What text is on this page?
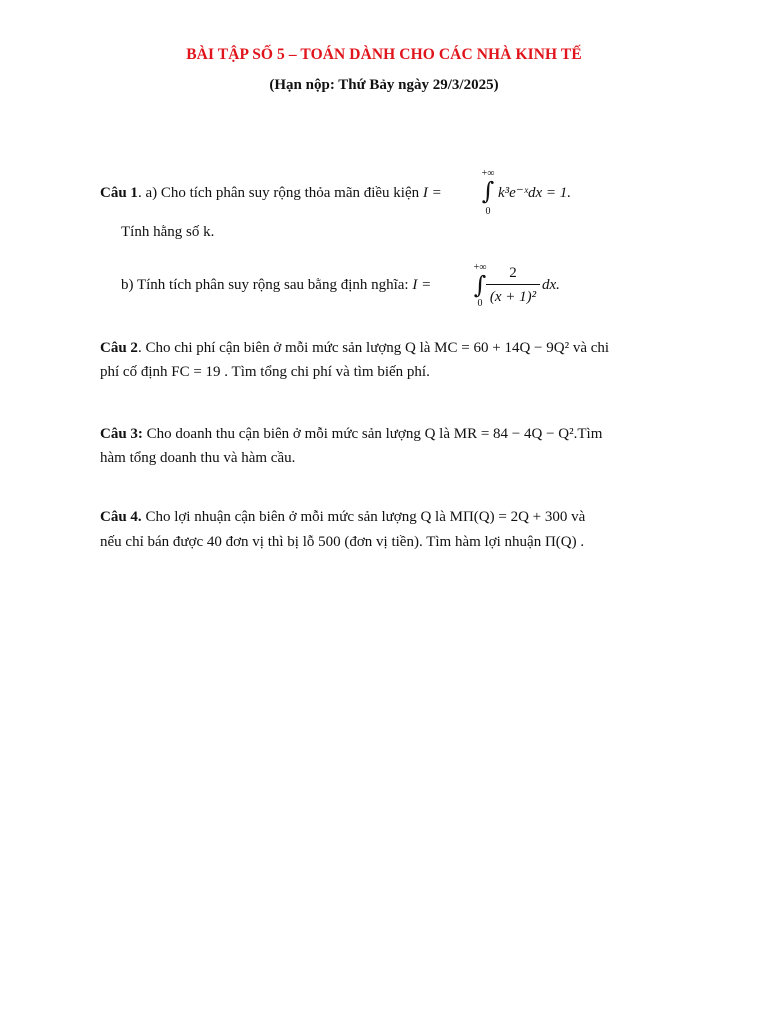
BÀI TẬP SỐ 5 – TOÁN DÀNH CHO CÁC NHÀ KINH TẾ
(Hạn nộp: Thứ Bảy ngày 29/3/2025)
Câu 1. a) Cho tích phân suy rộng thỏa mãn điều kiện I =
+∞
∫
0
k³e⁻ˣdx = 1.
Tính hằng số k.
b) Tính tích phân suy rộng sau bằng định nghĩa: I =
+∞
∫
0
2
(x + 1)²
dx.
Câu 2. Cho chi phí cận biên ở mỗi mức sản lượng Q là MC = 60 + 14Q − 9Q² và chi
phí cố định FC = 19 . Tìm tổng chi phí và tìm biến phí.
Câu 3: Cho doanh thu cận biên ở mỗi mức sản lượng Q là MR = 84 − 4Q − Q².Tìm
hàm tổng doanh thu và hàm cầu.
Câu 4. Cho lợi nhuận cận biên ở mỗi mức sản lượng Q là MΠ(Q) = 2Q + 300 và
nếu chỉ bán được 40 đơn vị thì bị lỗ 500 (đơn vị tiền). Tìm hàm lợi nhuận Π(Q) .
